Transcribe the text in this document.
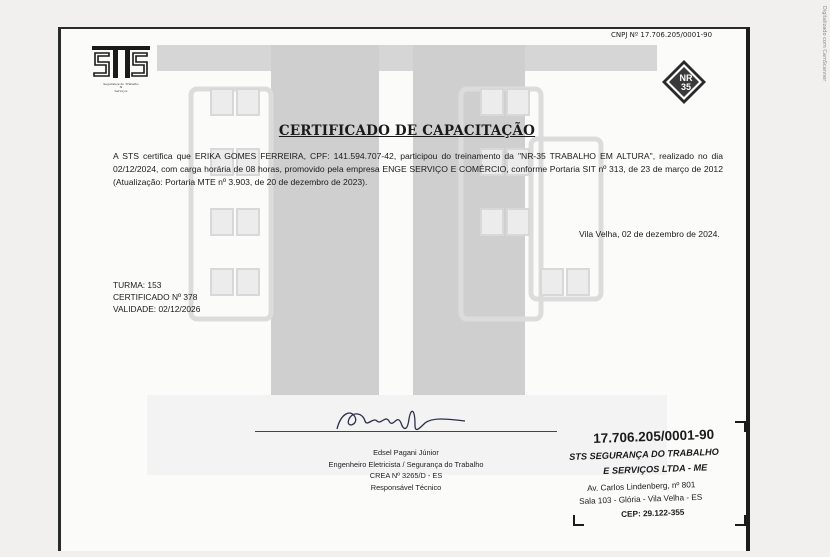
Segurança do Trabalho
&
Serviços
CNPJ Nº 17.706.205/0001-90
NR
35
CERTIFICADO DE CAPACITAÇÃO
A STS certifica que ERIKA GOMES FERREIRA, CPF: 141.594.707-42, participou do treinamento da "NR-35 TRABALHO EM ALTURA", realizado no dia 02/12/2024, com carga horária de 08 horas, promovido pela empresa ENGE SERVIÇO E COMÉRCIO, conforme Portaria SIT nº 313, de 23 de março de 2012 (Atualização: Portaria MTE nº 3.903, de 20 de dezembro de 2023).
Vila Velha, 02 de dezembro de 2024.
TURMA: 153
CERTIFICADO Nº 378
VALIDADE: 02/12/2026
Edsel Pagani Júnior
Engenheiro Eletricista / Segurança do Trabalho
CREA Nº 3265/D - ES
Responsável Técnico
17.706.205/0001-90
STS SEGURANÇA DO TRABALHO
E SERVIÇOS LTDA - ME
Av. Carlos Lindenberg, nº 801
Sala 103 - Glória - Vila Velha - ES
CEP: 29.122-355
Digitalizado com CamScanner
